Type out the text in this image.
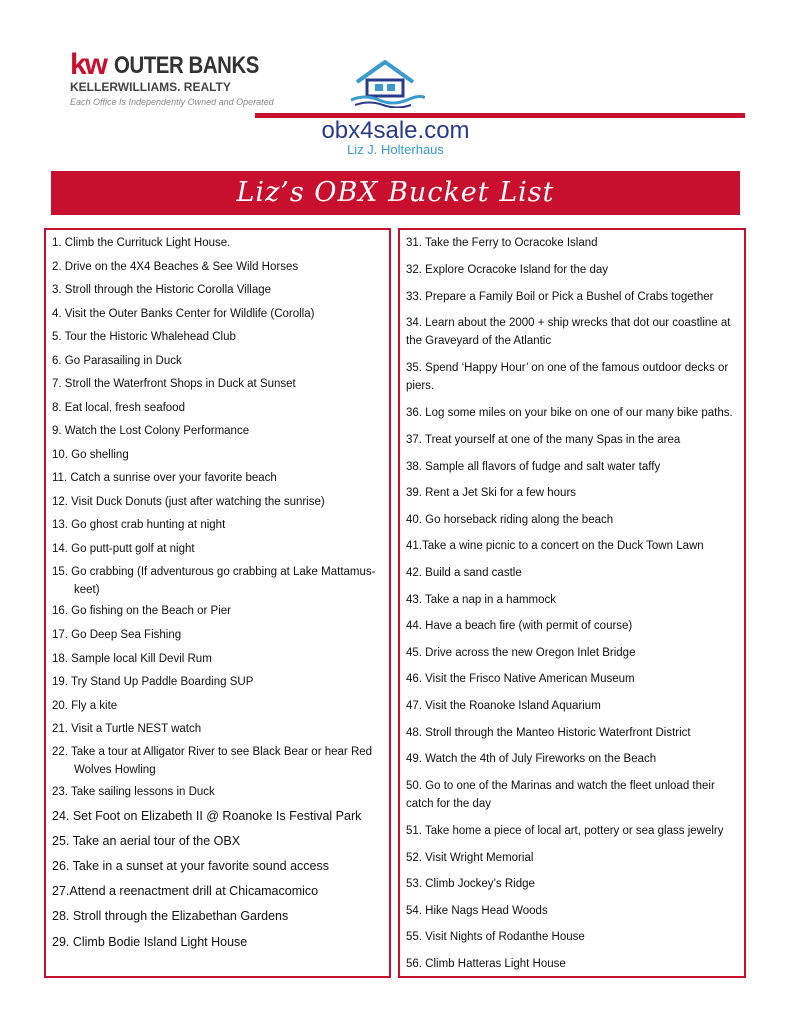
kw OUTER BANKS
KELLERWILLIAMS. REALTY
Each Office Is Independently Owned and Operated
obx4sale.com
Liz J. Holterhaus
Liz’s OBX Bucket List
1. Climb the Currituck Light House.
2. Drive on the 4X4 Beaches & See Wild Horses
3. Stroll through the Historic Corolla Village
4. Visit the Outer Banks Center for Wildlife (Corolla)
5. Tour the Historic Whalehead Club
6. Go Parasailing in Duck
7. Stroll the Waterfront Shops in Duck at Sunset
8. Eat local, fresh seafood
9. Watch the Lost Colony Performance
10. Go shelling
11. Catch a sunrise over your favorite beach
12. Visit Duck Donuts (just after watching the sunrise)
13. Go ghost crab hunting at night
14. Go putt-putt golf at night
15. Go crabbing (If adventurous go crabbing at Lake Mattamus-keet)
16. Go fishing on the Beach or Pier
17. Go Deep Sea Fishing
18. Sample local Kill Devil Rum
19. Try Stand Up Paddle Boarding SUP
20. Fly a kite
21. Visit a Turtle NEST watch
22. Take a tour at Alligator River to see Black Bear or hear Red Wolves Howling
23. Take sailing lessons in Duck
24. Set Foot on Elizabeth II @ Roanoke Is Festival Park
25. Take an aerial tour of the OBX
26. Take in a sunset at your favorite sound access
27.Attend a reenactment drill at Chicamacomico
28. Stroll through the Elizabethan Gardens
29. Climb Bodie Island Light House
31. Take the Ferry to Ocracoke Island
32. Explore Ocracoke Island for the day
33. Prepare a Family Boil or Pick a Bushel of Crabs together
34. Learn about the 2000 + ship wrecks that dot our coastline at the Graveyard of the Atlantic
35. Spend ‘Happy Hour’ on one of the famous outdoor decks or piers.
36. Log some miles on your bike on one of our many bike paths.
37. Treat yourself at one of the many Spas in the area
38. Sample all flavors of fudge and salt water taffy
39. Rent a Jet Ski for a few hours
40. Go horseback riding along the beach
41.Take a wine picnic to a concert on the Duck Town Lawn
42. Build a sand castle
43. Take a nap in a hammock
44. Have a beach fire (with permit of course)
45. Drive across the new Oregon Inlet Bridge
46. Visit the Frisco Native American Museum
47. Visit the Roanoke Island Aquarium
48. Stroll through the Manteo Historic Waterfront District
49. Watch the 4th of July Fireworks on the Beach
50. Go to one of the Marinas and watch the fleet unload their catch for the day
51. Take home a piece of local art, pottery or sea glass jewelry
52. Visit Wright Memorial
53. Climb Jockey’s Ridge
54. Hike Nags Head Woods
55. Visit Nights of Rodanthe House
56. Climb Hatteras Light House
